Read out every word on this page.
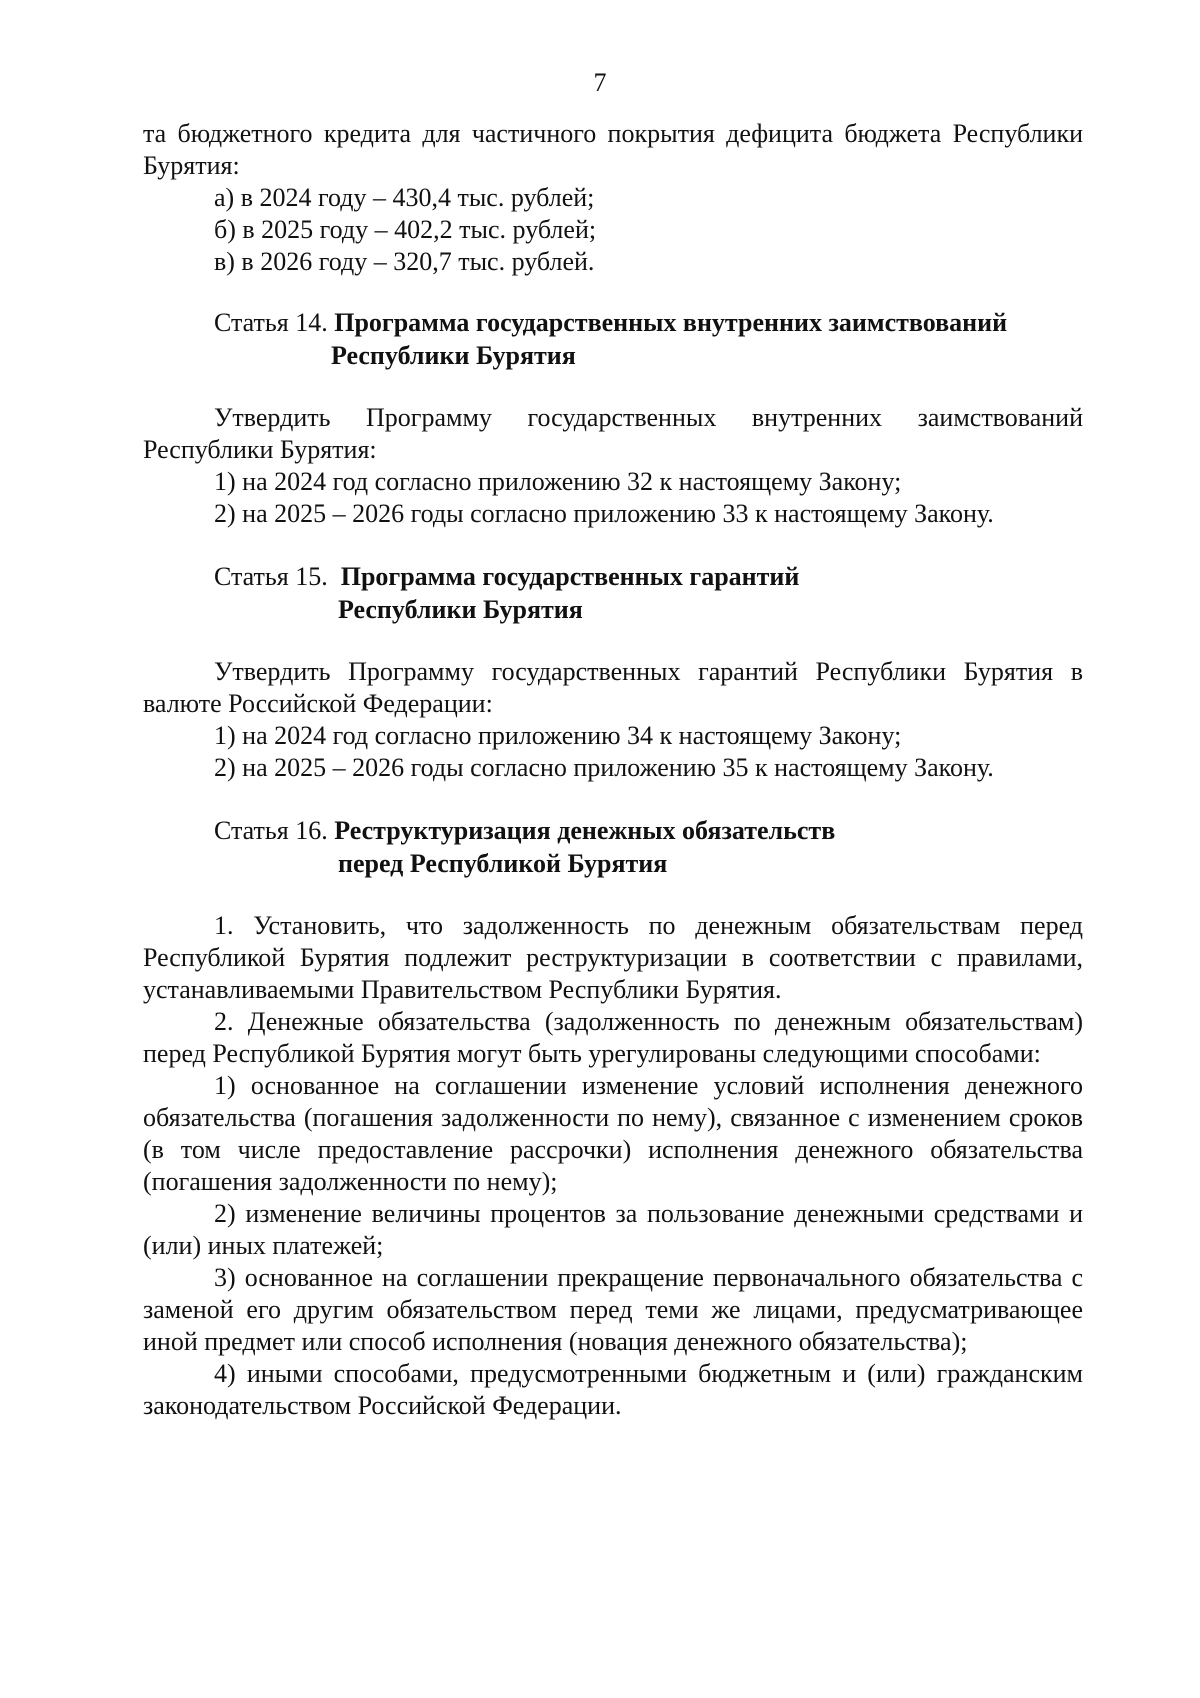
7

та бюджетного кредита для частичного покрытия дефицита бюджета Республики Бурятия:

а) в 2024 году – 430,4 тыс. рублей;

б) в 2025 году – 402,2 тыс. рублей;

в) в 2026 году – 320,7 тыс. рублей.

Статья 14. Программа государственных внутренних заимствований
Республики Бурятия

Утвердить Программу государственных внутренних заимствований Республики Бурятия:

1) на 2024 год согласно приложению 32 к настоящему Закону;

2) на 2025 – 2026 годы согласно приложению 33 к настоящему Закону.

Статья 15. Программа государственных гарантий
Республики Бурятия

Утвердить Программу государственных гарантий Республики Бурятия в валюте Российской Федерации:

1) на 2024 год согласно приложению 34 к настоящему Закону;

2) на 2025 – 2026 годы согласно приложению 35 к настоящему Закону.

Статья 16. Реструктуризация денежных обязательств
перед Республикой Бурятия

1. Установить, что задолженность по денежным обязательствам перед Республикой Бурятия подлежит реструктуризации в соответствии с правилами, устанавливаемыми Правительством Республики Бурятия.

2. Денежные обязательства (задолженность по денежным обязательствам) перед Республикой Бурятия могут быть урегулированы следующими способами:

1) основанное на соглашении изменение условий исполнения денежного обязательства (погашения задолженности по нему), связанное с изменением сроков (в том числе предоставление рассрочки) исполнения денежного обязательства (погашения задолженности по нему);

2) изменение величины процентов за пользование денежными средствами и (или) иных платежей;

3) основанное на соглашении прекращение первоначального обязательства с заменой его другим обязательством перед теми же лицами, предусматривающее иной предмет или способ исполнения (новация денежного обязательства);

4) иными способами, предусмотренными бюджетным и (или) гражданским законодательством Российской Федерации.
